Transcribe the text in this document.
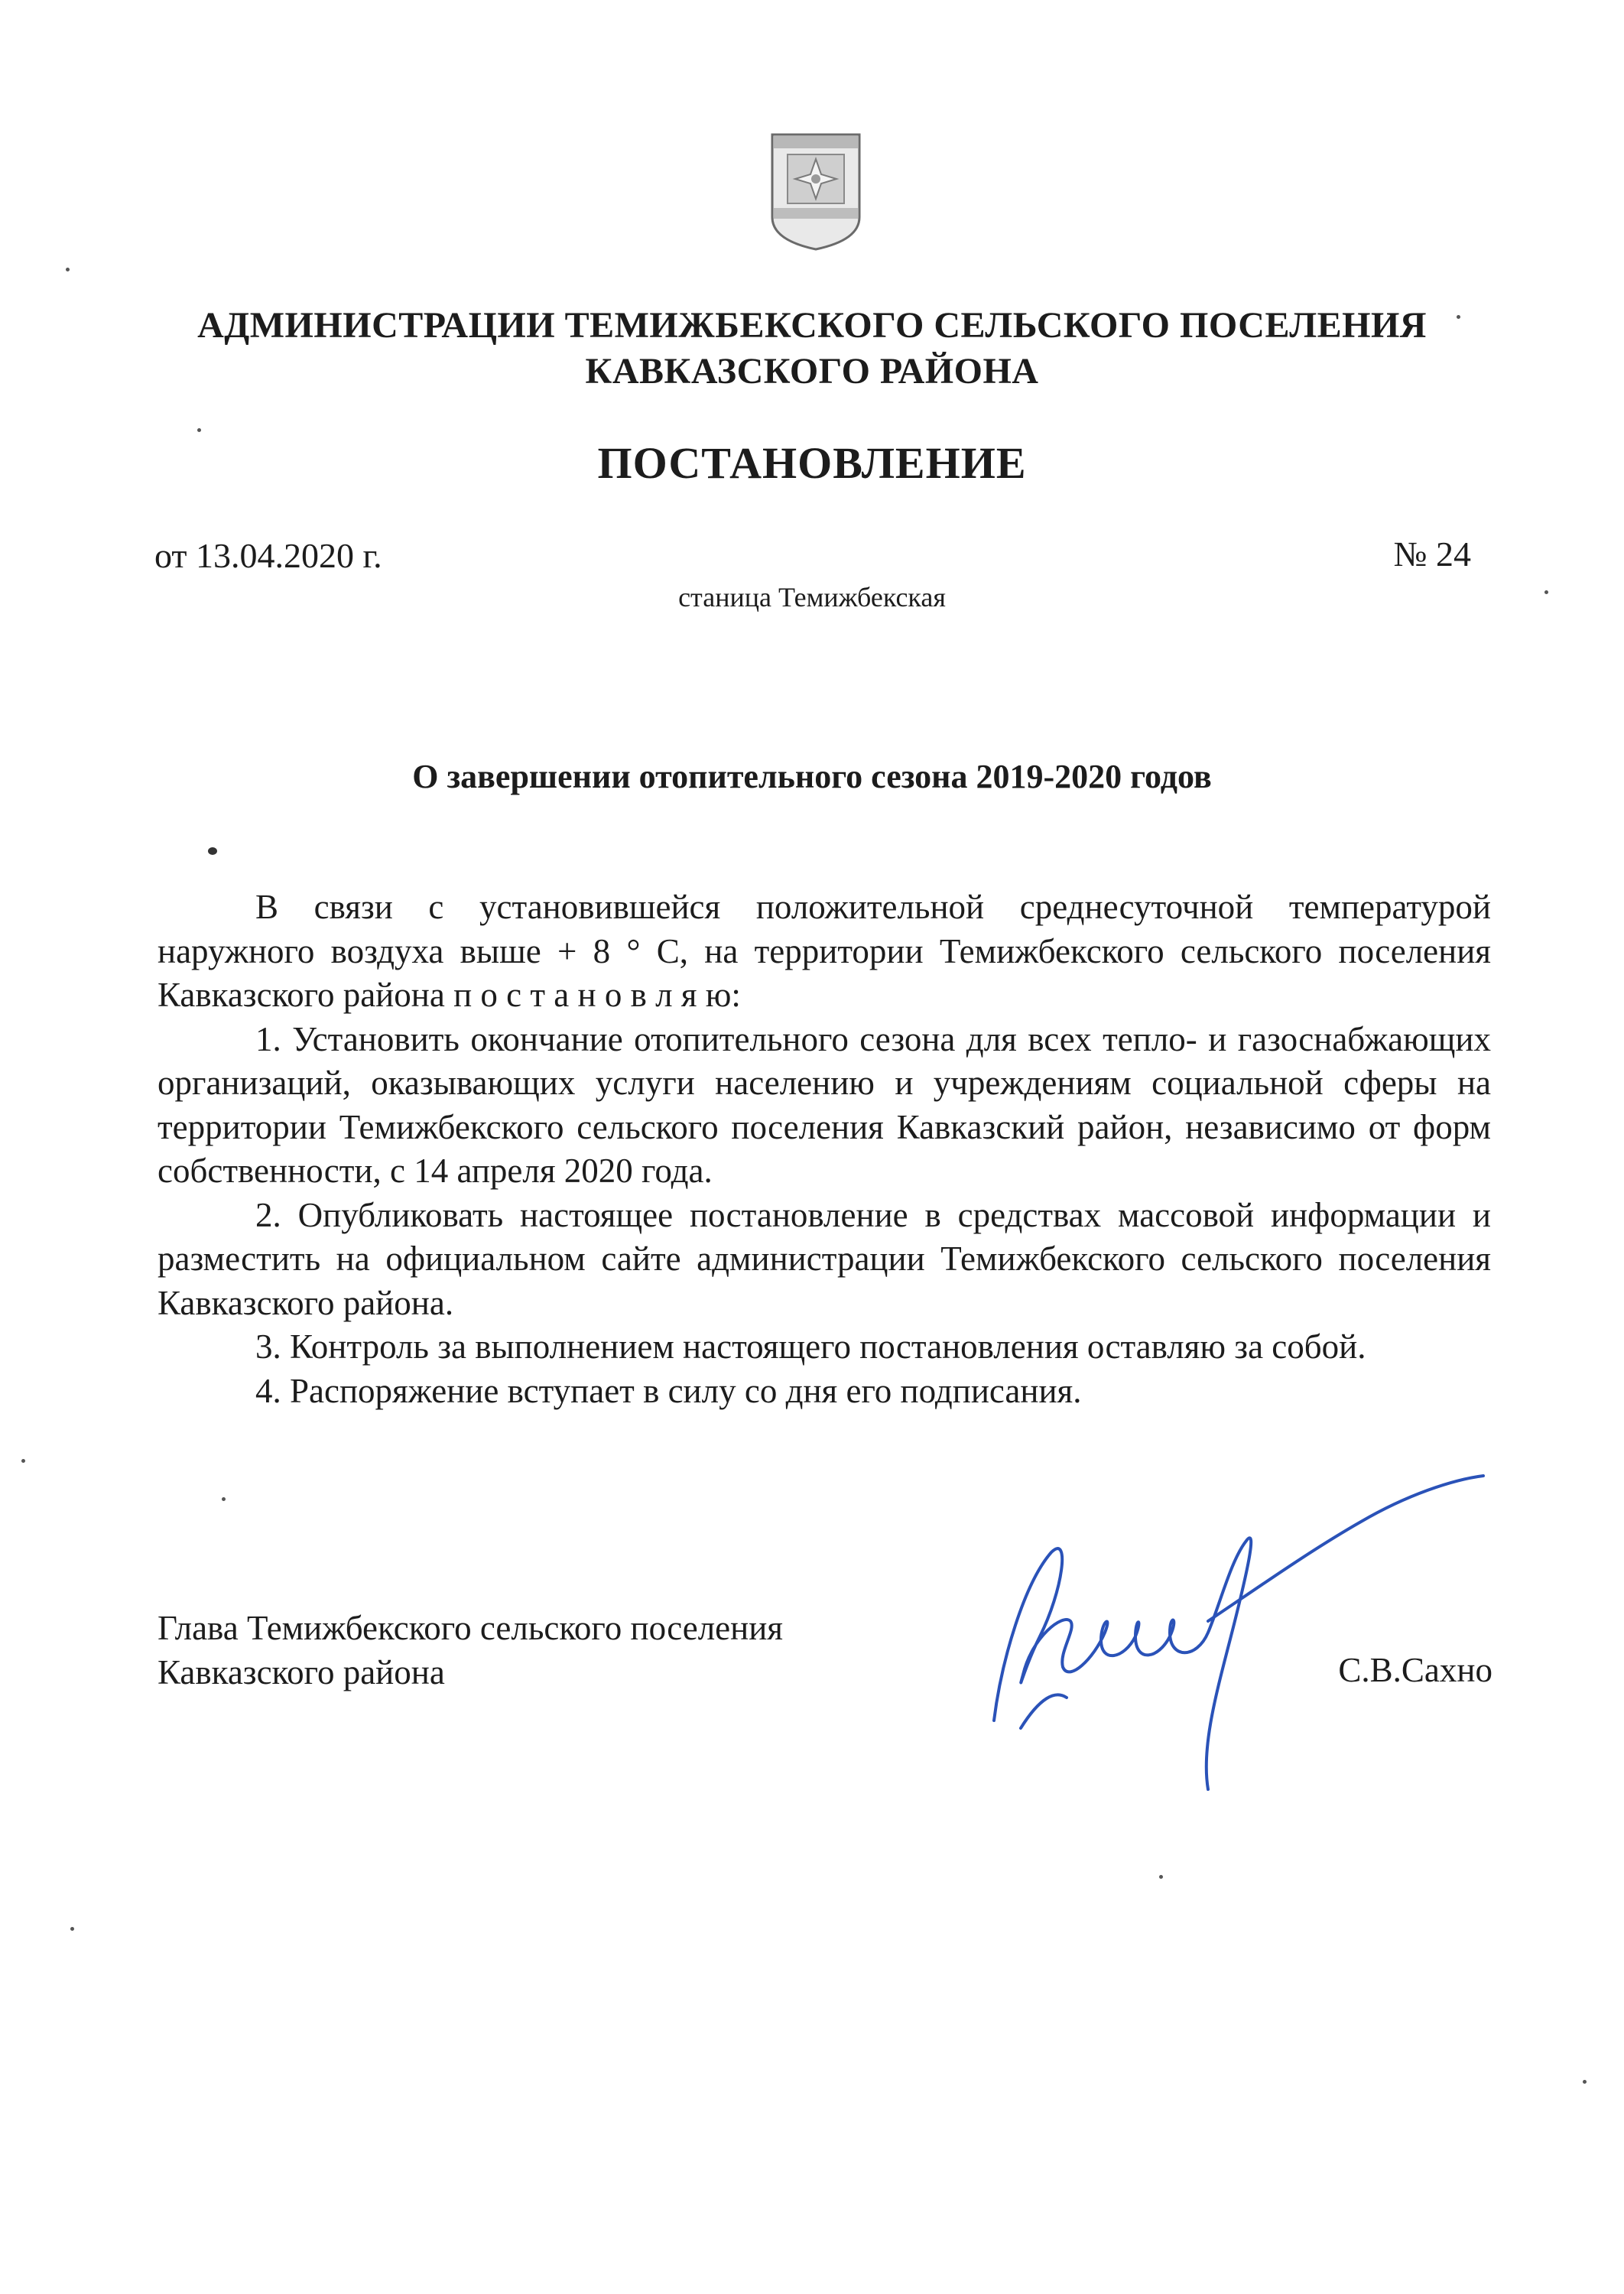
АДМИНИСТРАЦИИ ТЕМИЖБЕКСКОГО СЕЛЬСКОГО ПОСЕЛЕНИЯ
КАВКАЗСКОГО РАЙОНА
ПОСТАНОВЛЕНИЕ
от 13.04.2020 г.	№ 24
станица Темижбекская
О завершении отопительного сезона 2019-2020 годов

В связи с установившейся положительной среднесуточной температурой наружного воздуха выше + 8 ° С, на территории Темижбекского сельского поселения Кавказского района п о с т а н о в л я ю:

1. Установить окончание отопительного сезона для всех тепло- и газоснабжающих организаций, оказывающих услуги населению и учреждениям социальной сферы на территории Темижбекского сельского поселения Кавказский район, независимо от форм собственности, с 14 апреля 2020 года.

2. Опубликовать настоящее постановление в средствах массовой информации и разместить на официальном сайте администрации Темижбекского сельского поселения Кавказского района.

3. Контроль за выполнением настоящего постановления оставляю за собой.

4. Распоряжение вступает в силу со дня его подписания.

Глава Темижбекского сельского поселения
Кавказского района	С.В.Сахно
